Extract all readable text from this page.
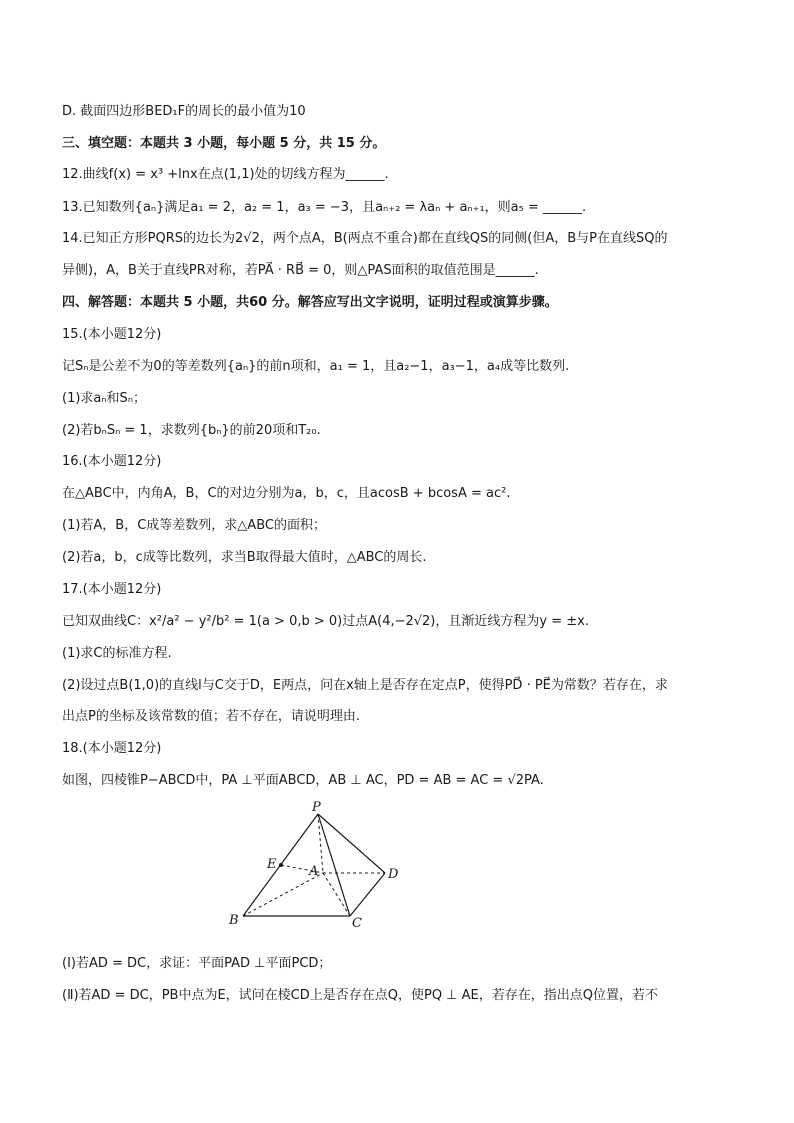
D. 截面四边形BED₁F的周长的最小值为10
三、填空题：本题共 3 小题，每小题 5 分，共 15 分。
12.曲线f(x) = x³ +lnx在点(1,1)处的切线方程为______.
13.已知数列{aₙ}满足a₁ = 2，a₂ = 1，a₃ = −3，且aₙ₊₂ = λaₙ + aₙ₊₁，则a₅ = ______.
14.已知正方形PQRS的边长为2√2，两个点A，B(两点不重合)都在直线QS的同侧(但A，B与P在直线SQ的
异侧)，A，B关于直线PR对称，若PA⃗ · RB⃗ = 0，则△PAS面积的取值范围是______.
四、解答题：本题共 5 小题，共60 分。解答应写出文字说明，证明过程或演算步骤。
15.(本小题12分)
记Sₙ是公差不为0的等差数列{aₙ}的前n项和，a₁ = 1，且a₂−1，a₃−1，a₄成等比数列.
(1)求aₙ和Sₙ；
(2)若bₙSₙ = 1，求数列{bₙ}的前20项和T₂₀.
16.(本小题12分)
在△ABC中，内角A，B，C的对边分别为a，b，c，且acosB + bcosA = ac².
(1)若A，B，C成等差数列，求△ABC的面积；
(2)若a，b，c成等比数列，求当B取得最大值时，△ABC的周长.
17.(本小题12分)
已知双曲线C：x²/a² − y²/b² = 1(a > 0,b > 0)过点A(4,−2√2)，且渐近线方程为y = ±x.
(1)求C的标准方程.
(2)设过点B(1,0)的直线l与C交于D，E两点，问在x轴上是否存在定点P，使得PD⃗ · PE⃗为常数？若存在，求
出点P的坐标及该常数的值；若不存在，请说明理由.
18.(本小题12分)
如图，四棱锥P−ABCD中，PA ⊥平面ABCD，AB ⊥ AC，PD = AB = AC = √2PA.
P
E	A	D
B	C
(Ⅰ)若AD = DC，求证：平面PAD ⊥平面PCD；
(Ⅱ)若AD = DC，PB中点为E，试问在棱CD上是否存在点Q，使PQ ⊥ AE，若存在，指出点Q位置，若不
